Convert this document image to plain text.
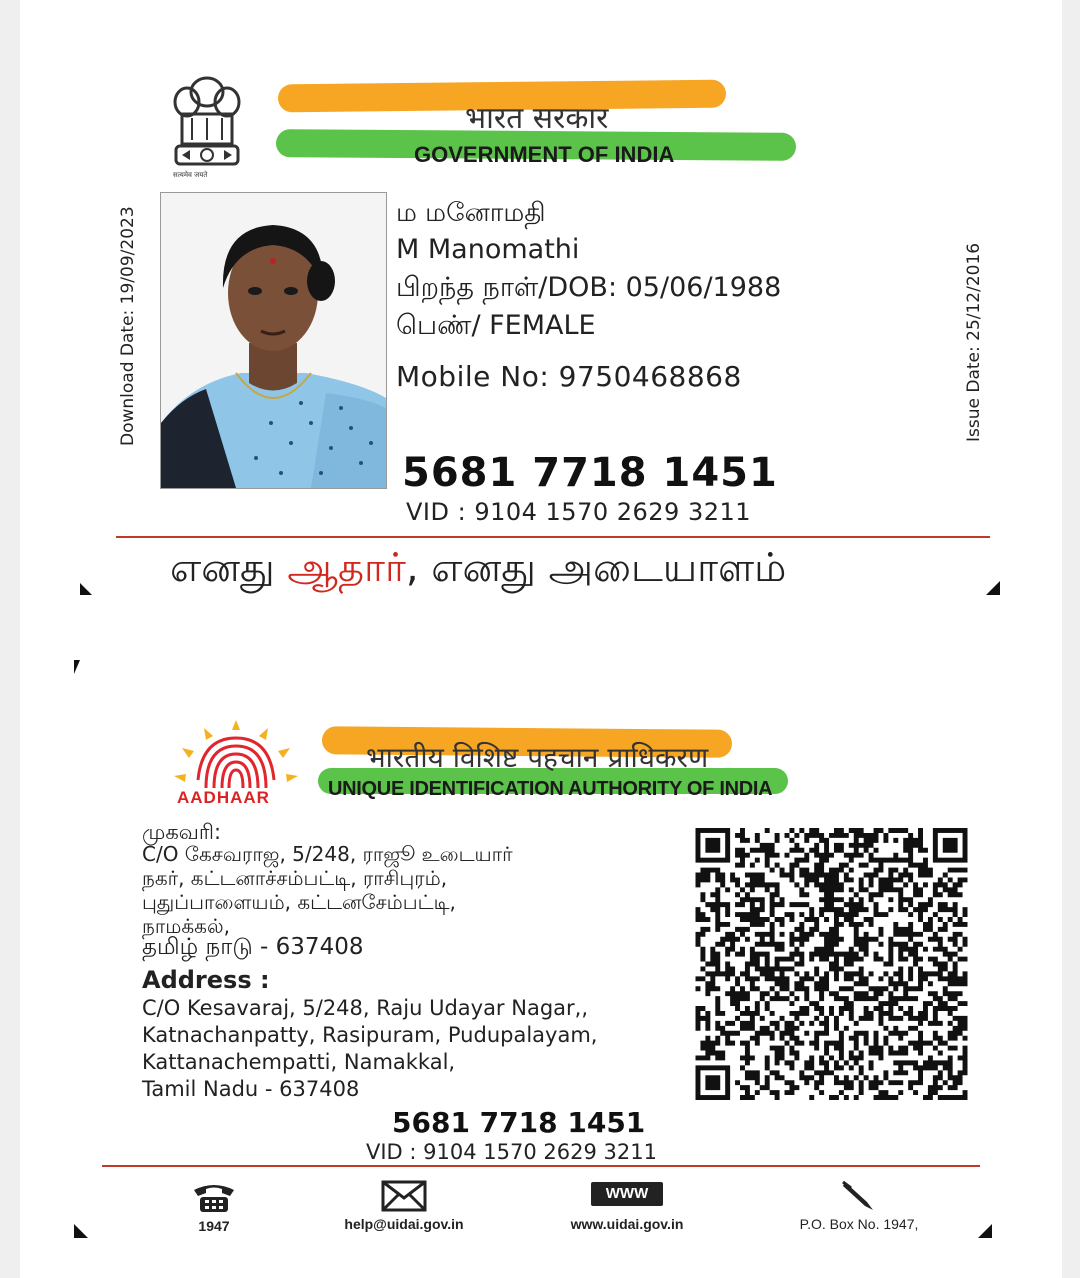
सत्यमेव जयते
भारत सरकार
GOVERNMENT OF INDIA
Download Date: 19/09/2023	Issue Date: 25/12/2016
ம மனோமதி
M Manomathi
பிறந்த நாள்/DOB: 05/06/1988
பெண்/ FEMALE
Mobile No: 9750468868
5681 7718 1451
VID : 9104 1570 2629 3211
எனது ஆதார், எனது அடையாளம்
AADHAAR
भारतीय विशिष्ट पहचान प्राधिकरण
UNIQUE IDENTIFICATION AUTHORITY OF INDIA
முகவரி:
C/O கேசவராஜ, 5/248, ராஜூ உடையார்
நகர், கட்டனாச்சம்பட்டி, ராசிபுரம்,
புதுப்பாளையம், கட்டனசேம்பட்டி,
நாமக்கல்,
தமிழ் நாடு - 637408
Address :
C/O Kesavaraj, 5/248, Raju Udayar Nagar,,
Katnachanpatty, Rasipuram, Pudupalayam,
Kattanachempatti, Namakkal,
Tamil Nadu - 637408
5681 7718 1451
VID : 9104 1570 2629 3211
1947	help@uidai.gov.in
WWW
www.uidai.gov.in	P.O. Box No. 1947,
